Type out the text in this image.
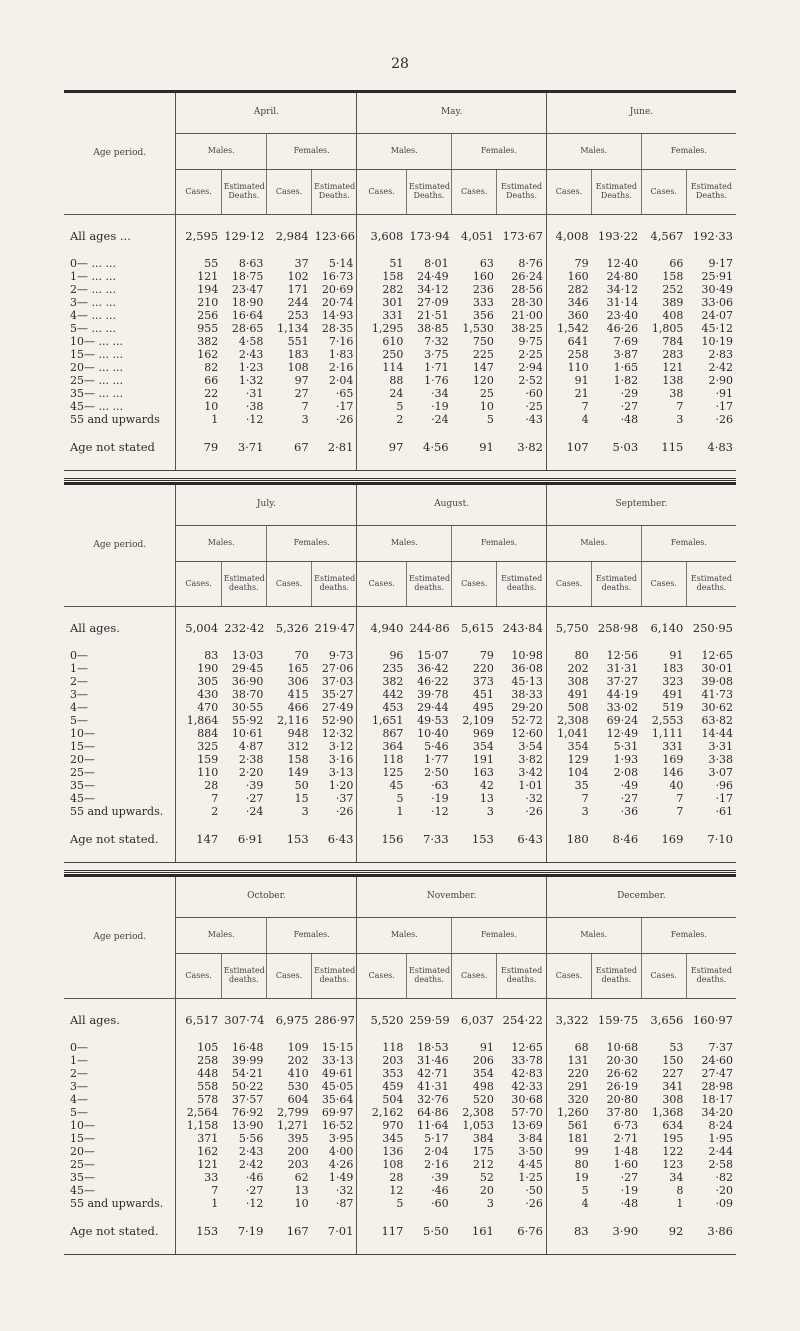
28
Age period.	April.				May.				June.			
	Males.		Females.		Males.		Females.		Males.		Females.	
	Cases.	Estimated Deaths.	Cases.	Estimated Deaths.	Cases.	Estimated Deaths.	Cases.	Estimated Deaths.	Cases.	Estimated Deaths.	Cases.	Estimated Deaths.

All ages ...	2,595	129·12	2,984	123·66	3,608	173·94	4,051	173·67	4,008	193·22	4,567	192·33

0— ... ...	55	8·63	37	5·14	51	8·01	63	8·76	79	12·40	66	9·17
1— ... ...	121	18·75	102	16·73	158	24·49	160	26·24	160	24·80	158	25·91
2— ... ...	194	23·47	171	20·69	282	34·12	236	28·56	282	34·12	252	30·49
3— ... ...	210	18·90	244	20·74	301	27·09	333	28·30	346	31·14	389	33·06
4— ... ...	256	16·64	253	14·93	331	21·51	356	21·00	360	23·40	408	24·07
5— ... ...	955	28·65	1,134	28·35	1,295	38·85	1,530	38·25	1,542	46·26	1,805	45·12
10— ... ...	382	4·58	551	7·16	610	7·32	750	9·75	641	7·69	784	10·19
15— ... ...	162	2·43	183	1·83	250	3·75	225	2·25	258	3·87	283	2·83
20— ... ...	82	1·23	108	2·16	114	1·71	147	2·94	110	1·65	121	2·42
25— ... ...	66	1·32	97	2·04	88	1·76	120	2·52	91	1·82	138	2·90
35— ... ...	22	·31	27	·65	24	·34	25	·60	21	·29	38	·91
45— ... ...	10	·38	7	·17	5	·19	10	·25	7	·27	7	·17
55 and upwards	1	·12	3	·26	2	·24	5	·43	4	·48	3	·26

Age not stated	79	3·71	67	2·81	97	4·56	91	3·82	107	5·03	115	4·83

Age period.	July.				August.				September.			
	Males.		Females.		Males.		Females.		Males.		Females.	
	Cases.	Estimated deaths.	Cases.	Estimated deaths.	Cases.	Estimated deaths.	Cases.	Estimated deaths.	Cases.	Estimated deaths.	Cases.	Estimated deaths.

All ages.	5,004	232·42	5,326	219·47	4,940	244·86	5,615	243·84	5,750	258·98	6,140	250·95

0—	83	13·03	70	9·73	96	15·07	79	10·98	80	12·56	91	12·65
1—	190	29·45	165	27·06	235	36·42	220	36·08	202	31·31	183	30·01
2—	305	36·90	306	37·03	382	46·22	373	45·13	308	37·27	323	39·08
3—	430	38·70	415	35·27	442	39·78	451	38·33	491	44·19	491	41·73
4—	470	30·55	466	27·49	453	29·44	495	29·20	508	33·02	519	30·62
5—	1,864	55·92	2,116	52·90	1,651	49·53	2,109	52·72	2,308	69·24	2,553	63·82
10—	884	10·61	948	12·32	867	10·40	969	12·60	1,041	12·49	1,111	14·44
15—	325	4·87	312	3·12	364	5·46	354	3·54	354	5·31	331	3·31
20—	159	2·38	158	3·16	118	1·77	191	3·82	129	1·93	169	3·38
25—	110	2·20	149	3·13	125	2·50	163	3·42	104	2·08	146	3·07
35—	28	·39	50	1·20	45	·63	42	1·01	35	·49	40	·96
45—	7	·27	15	·37	5	·19	13	·32	7	·27	7	·17
55 and upwards.	2	·24	3	·26	1	·12	3	·26	3	·36	7	·61

Age not stated.	147	6·91	153	6·43	156	7·33	153	6·43	180	8·46	169	7·10

Age period.	October.				November.				December.			
	Males.		Females.		Males.		Females.		Males.		Females.	
	Cases.	Estimated deaths.	Cases.	Estimated deaths.	Cases.	Estimated deaths.	Cases.	Estimated deaths.	Cases.	Estimated deaths.	Cases.	Estimated deaths.

All ages.	6,517	307·74	6,975	286·97	5,520	259·59	6,037	254·22	3,322	159·75	3,656	160·97

0—	105	16·48	109	15·15	118	18·53	91	12·65	68	10·68	53	7·37
1—	258	39·99	202	33·13	203	31·46	206	33·78	131	20·30	150	24·60
2—	448	54·21	410	49·61	353	42·71	354	42·83	220	26·62	227	27·47
3—	558	50·22	530	45·05	459	41·31	498	42·33	291	26·19	341	28·98
4—	578	37·57	604	35·64	504	32·76	520	30·68	320	20·80	308	18·17
5—	2,564	76·92	2,799	69·97	2,162	64·86	2,308	57·70	1,260	37·80	1,368	34·20
10—	1,158	13·90	1,271	16·52	970	11·64	1,053	13·69	561	6·73	634	8·24
15—	371	5·56	395	3·95	345	5·17	384	3·84	181	2·71	195	1·95
20—	162	2·43	200	4·00	136	2·04	175	3·50	99	1·48	122	2·44
25—	121	2·42	203	4·26	108	2·16	212	4·45	80	1·60	123	2·58
35—	33	·46	62	1·49	28	·39	52	1·25	19	·27	34	·82
45—	7	·27	13	·32	12	·46	20	·50	5	·19	8	·20
55 and upwards.	1	·12	10	·87	5	·60	3	·26	4	·48	1	·09

Age not stated.	153	7·19	167	7·01	117	5·50	161	6·76	83	3·90	92	3·86
